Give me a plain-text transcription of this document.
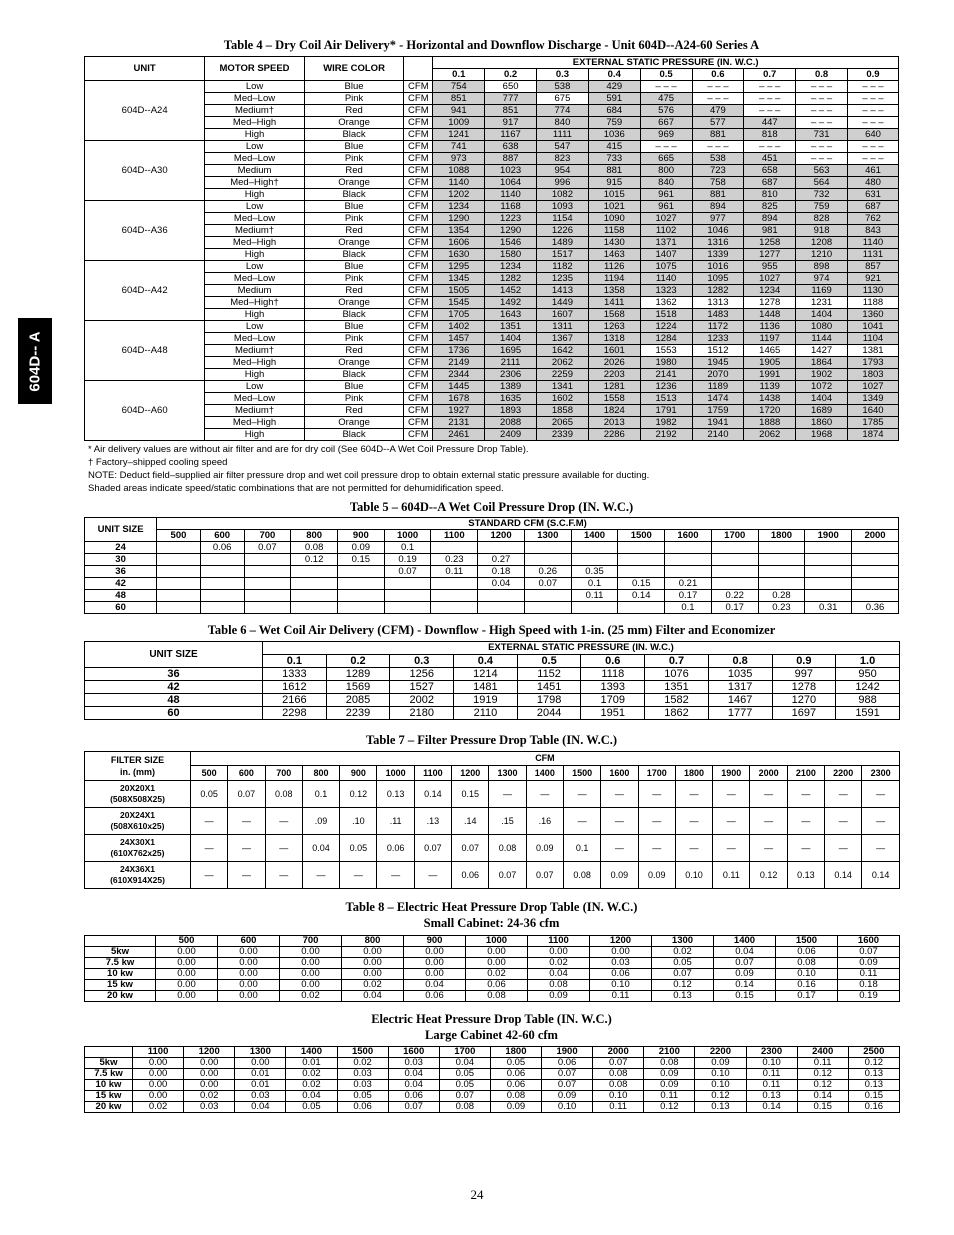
604D-- A
Table 4 – Dry Coil Air Delivery* - Horizontal and Downflow Discharge - Unit 604D--A24-60 Series A
UNIT	MOTOR SPEED	WIRE COLOR		EXTERNAL STATIC PRESSURE (IN. W.C.)								
				0.1	0.2	0.3	0.4	0.5	0.6	0.7	0.8	0.9
604D--A24	Low	Blue	CFM	754	650	538	429	– – –	– – –	– – –	– – –	– – –
	Med–Low	Pink	CFM	851	777	675	591	475	– – –	– – –	– – –	– – –
	Medium†	Red	CFM	941	851	774	684	576	479	– – –	– – –	– – –
	Med–High	Orange	CFM	1009	917	840	759	667	577	447	– – –	– – –
	High	Black	CFM	1241	1167	1111	1036	969	881	818	731	640
604D--A30	Low	Blue	CFM	741	638	547	415	– – –	– – –	– – –	– – –	– – –
	Med–Low	Pink	CFM	973	887	823	733	665	538	451	– – –	– – –
	Medium	Red	CFM	1088	1023	954	881	800	723	658	563	461
	Med–High†	Orange	CFM	1140	1064	996	915	840	758	687	564	480
	High	Black	CFM	1202	1140	1082	1015	961	881	810	732	631
604D--A36	Low	Blue	CFM	1234	1168	1093	1021	961	894	825	759	687
	Med–Low	Pink	CFM	1290	1223	1154	1090	1027	977	894	828	762
	Medium†	Red	CFM	1354	1290	1226	1158	1102	1046	981	918	843
	Med–High	Orange	CFM	1606	1546	1489	1430	1371	1316	1258	1208	1140
	High	Black	CFM	1630	1580	1517	1463	1407	1339	1277	1210	1131
604D--A42	Low	Blue	CFM	1295	1234	1182	1126	1075	1016	955	898	857
	Med–Low	Pink	CFM	1345	1282	1235	1194	1140	1095	1027	974	921
	Medium	Red	CFM	1505	1452	1413	1358	1323	1282	1234	1169	1130
	Med–High†	Orange	CFM	1545	1492	1449	1411	1362	1313	1278	1231	1188
	High	Black	CFM	1705	1643	1607	1568	1518	1483	1448	1404	1360
604D--A48	Low	Blue	CFM	1402	1351	1311	1263	1224	1172	1136	1080	1041
	Med–Low	Pink	CFM	1457	1404	1367	1318	1284	1233	1197	1144	1104
	Medium†	Red	CFM	1736	1695	1642	1601	1553	1512	1465	1427	1381
	Med–High	Orange	CFM	2149	2111	2062	2026	1980	1945	1905	1864	1793
	High	Black	CFM	2344	2306	2259	2203	2141	2070	1991	1902	1803
604D--A60	Low	Blue	CFM	1445	1389	1341	1281	1236	1189	1139	1072	1027
	Med–Low	Pink	CFM	1678	1635	1602	1558	1513	1474	1438	1404	1349
	Medium†	Red	CFM	1927	1893	1858	1824	1791	1759	1720	1689	1640
	Med–High	Orange	CFM	2131	2088	2065	2013	1982	1941	1888	1860	1785
	High	Black	CFM	2461	2409	2339	2286	2192	2140	2062	1968	1874
* Air delivery values are without air filter and are for dry coil (See 604D--A Wet Coil Pressure Drop Table).
† Factory–shipped cooling speed
NOTE: Deduct field–supplied air filter pressure drop and wet coil pressure drop to obtain external static pressure available for ducting.
Shaded areas indicate speed/static combinations that are not permitted for dehumidification speed.
Table 5 – 604D--A Wet Coil Pressure Drop (IN. W.C.)
UNIT SIZE	STANDARD CFM (S.C.F.M)															
	500	600	700	800	900	1000	1100	1200	1300	1400	1500	1600	1700	1800	1900	2000
24		0.06	0.07	0.08	0.09	0.1										
30				0.12	0.15	0.19	0.23	0.27								
36						0.07	0.11	0.18	0.26	0.35						
42								0.04	0.07	0.1	0.15	0.21				
48										0.11	0.14	0.17	0.22	0.28		
60												0.1	0.17	0.23	0.31	0.36
Table 6 – Wet Coil Air Delivery (CFM) - Downflow - High Speed with 1-in. (25 mm) Filter and Economizer
UNIT SIZE	EXTERNAL STATIC PRESSURE (IN. W.C.)									
	0.1	0.2	0.3	0.4	0.5	0.6	0.7	0.8	0.9	1.0
36	1333	1289	1256	1214	1152	1118	1076	1035	997	950
42	1612	1569	1527	1481	1451	1393	1351	1317	1278	1242
48	2166	2085	2002	1919	1798	1709	1582	1467	1270	988
60	2298	2239	2180	2110	2044	1951	1862	1777	1697	1591
Table 7 – Filter Pressure Drop Table (IN. W.C.)
FILTER SIZE
in. (mm)	CFM																		
	500	600	700	800	900	1000	1100	1200	1300	1400	1500	1600	1700	1800	1900	2000	2100	2200	2300

20X20X1
(508X508X25)	0.05	0.07	0.08	0.1	0.12	0.13	0.14	0.15	—	—	—	—	—	—	—	—	—	—	—

20X24X1
(508X610x25)	—	—	—	.09	.10	.11	.13	.14	.15	.16	—	—	—	—	—	—	—	—	—

24X30X1
(610X762x25)	—	—	—	0.04	0.05	0.06	0.07	0.07	0.08	0.09	0.1	—	—	—	—	—	—	—	—

24X36X1
(610X914X25)	—	—	—	—	—	—	—	0.06	0.07	0.07	0.08	0.09	0.09	0.10	0.11	0.12	0.13	0.14	0.14
Table 8 – Electric Heat Pressure Drop Table (IN. W.C.)
Small Cabinet: 24-36 cfm
	500	600	700	800	900	1000	1100	1200	1300	1400	1500	1600
5kw	0.00	0.00	0.00	0.00	0.00	0.00	0.00	0.00	0.02	0.04	0.06	0.07
7.5 kw	0.00	0.00	0.00	0.00	0.00	0.00	0.02	0.03	0.05	0.07	0.08	0.09
10 kw	0.00	0.00	0.00	0.00	0.00	0.02	0.04	0.06	0.07	0.09	0.10	0.11
15 kw	0.00	0.00	0.00	0.02	0.04	0.06	0.08	0.10	0.12	0.14	0.16	0.18
20 kw	0.00	0.00	0.02	0.04	0.06	0.08	0.09	0.11	0.13	0.15	0.17	0.19
Electric Heat Pressure Drop Table (IN. W.C.)
Large Cabinet 42-60 cfm
	1100	1200	1300	1400	1500	1600	1700	1800	1900	2000	2100	2200	2300	2400	2500
5kw	0.00	0.00	0.00	0.01	0.02	0.03	0.04	0.05	0.06	0.07	0.08	0.09	0.10	0.11	0.12
7.5 kw	0.00	0.00	0.01	0.02	0.03	0.04	0.05	0.06	0.07	0.08	0.09	0.10	0.11	0.12	0.13
10 kw	0.00	0.00	0.01	0.02	0.03	0.04	0.05	0.06	0.07	0.08	0.09	0.10	0.11	0.12	0.13
15 kw	0.00	0.02	0.03	0.04	0.05	0.06	0.07	0.08	0.09	0.10	0.11	0.12	0.13	0.14	0.15
20 kw	0.02	0.03	0.04	0.05	0.06	0.07	0.08	0.09	0.10	0.11	0.12	0.13	0.14	0.15	0.16
24
